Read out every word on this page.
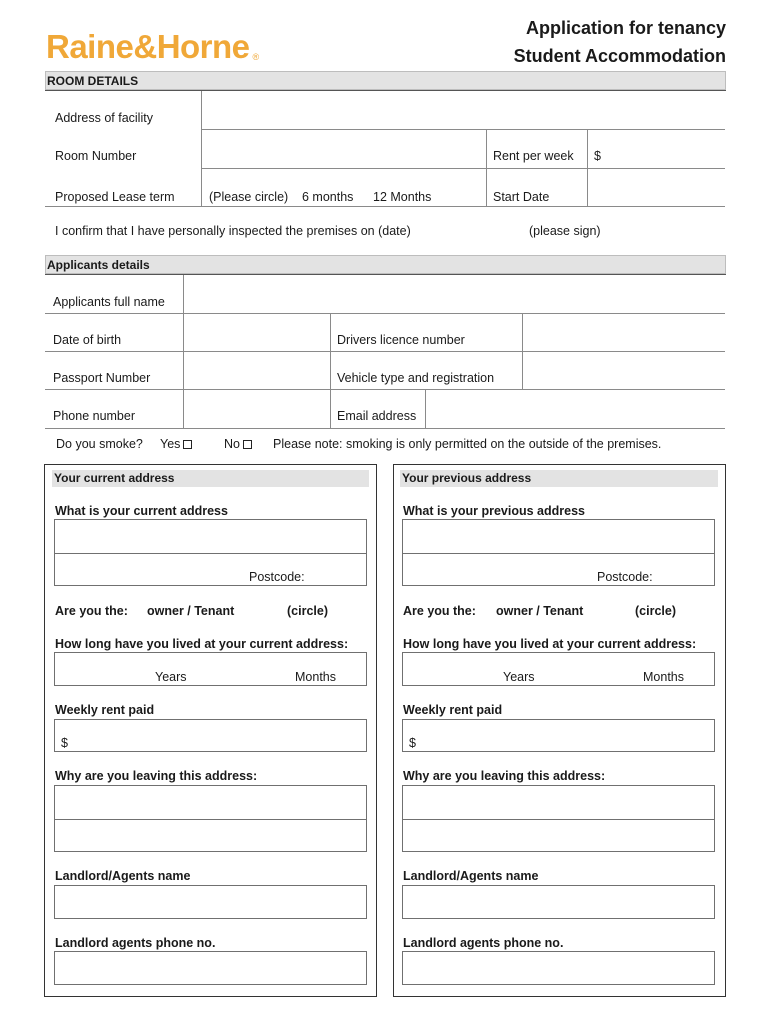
Raine&Horne ®
Application for tenancy
Student Accommodation
ROOM DETAILS
Address of facility
Room Number	Rent per week $
Proposed Lease term	(Please circle) 6 months 12 Months	Start Date
I confirm that I have personally inspected the premises on (date)	(please sign)
Applicants details
Applicants full name
Date of birth	Drivers licence number
Passport Number	Vehicle type and registration
Phone number	Email address
Do you smoke? Yes	No	Please note: smoking is only permitted on the outside of the premises.
Your current address
What is your current address
Postcode:
Are you the: owner / Tenant	(circle)
How long have you lived at your current address:
Years	Months
Weekly rent paid
$
Why are you leaving this address:
Landlord/Agents name
Landlord agents phone no.
Your previous address
What is your previous address
Postcode:
Are you the: owner / Tenant	(circle)
How long have you lived at your current address:
Years	Months
Weekly rent paid
$
Why are you leaving this address:
Landlord/Agents name
Landlord agents phone no.
